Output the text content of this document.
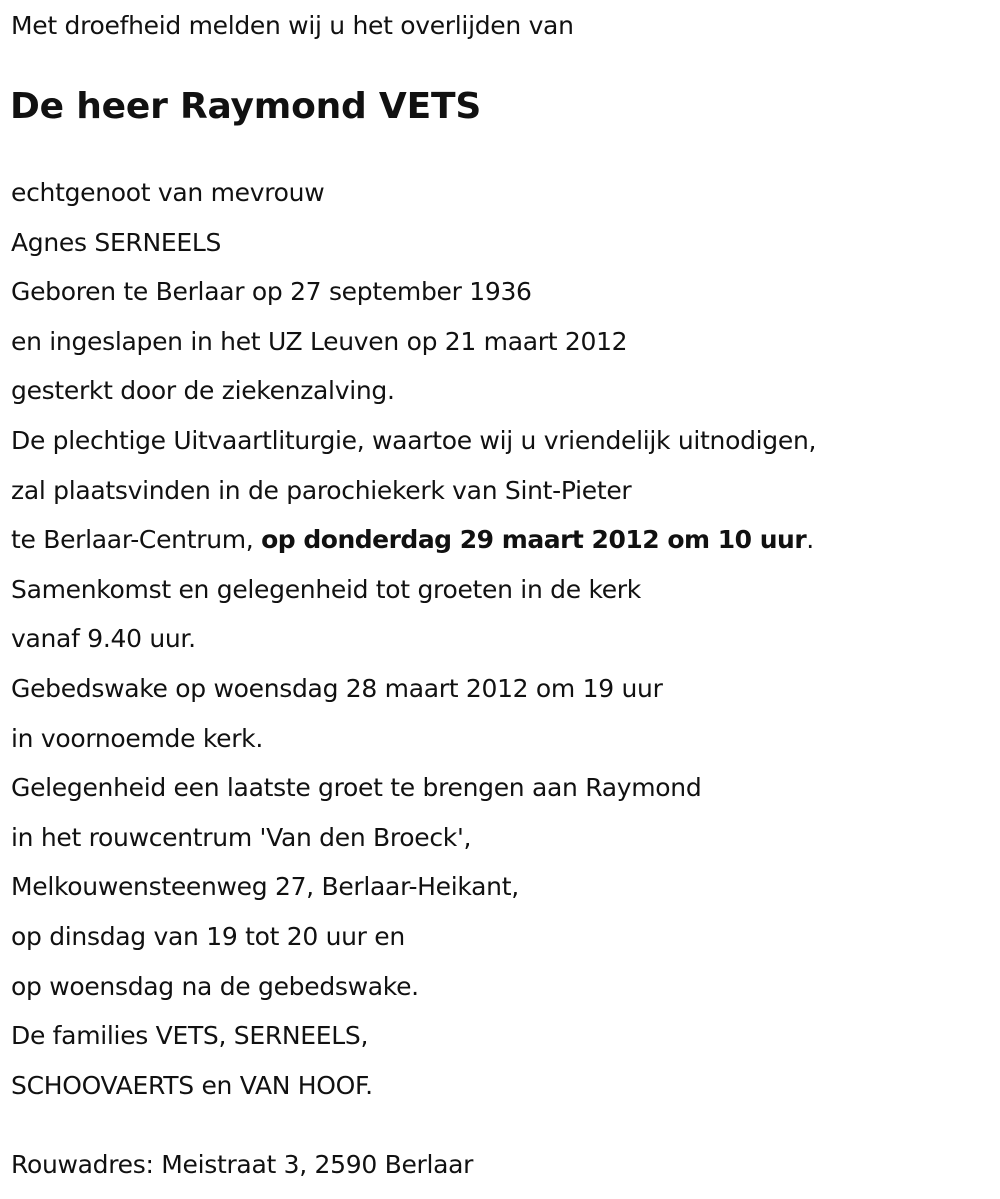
Met droefheid melden wij u het overlijden van
De heer Raymond VETS
echtgenoot van mevrouw
Agnes SERNEELS
Geboren te Berlaar op 27 september 1936
en ingeslapen in het UZ Leuven op 21 maart 2012
gesterkt door de ziekenzalving.
De plechtige Uitvaartliturgie, waartoe wij u vriendelijk uitnodigen,
zal plaatsvinden in de parochiekerk van Sint-Pieter
te Berlaar-Centrum, op donderdag 29 maart 2012 om 10 uur.
Samenkomst en gelegenheid tot groeten in de kerk
vanaf 9.40 uur.
Gebedswake op woensdag 28 maart 2012 om 19 uur
in voornoemde kerk.
Gelegenheid een laatste groet te brengen aan Raymond
in het rouwcentrum 'Van den Broeck',
Melkouwensteenweg 27, Berlaar-Heikant,
op dinsdag van 19 tot 20 uur en
op woensdag na de gebedswake.
De families VETS, SERNEELS,
SCHOOVAERTS en VAN HOOF.
Rouwadres: Meistraat 3, 2590 Berlaar
